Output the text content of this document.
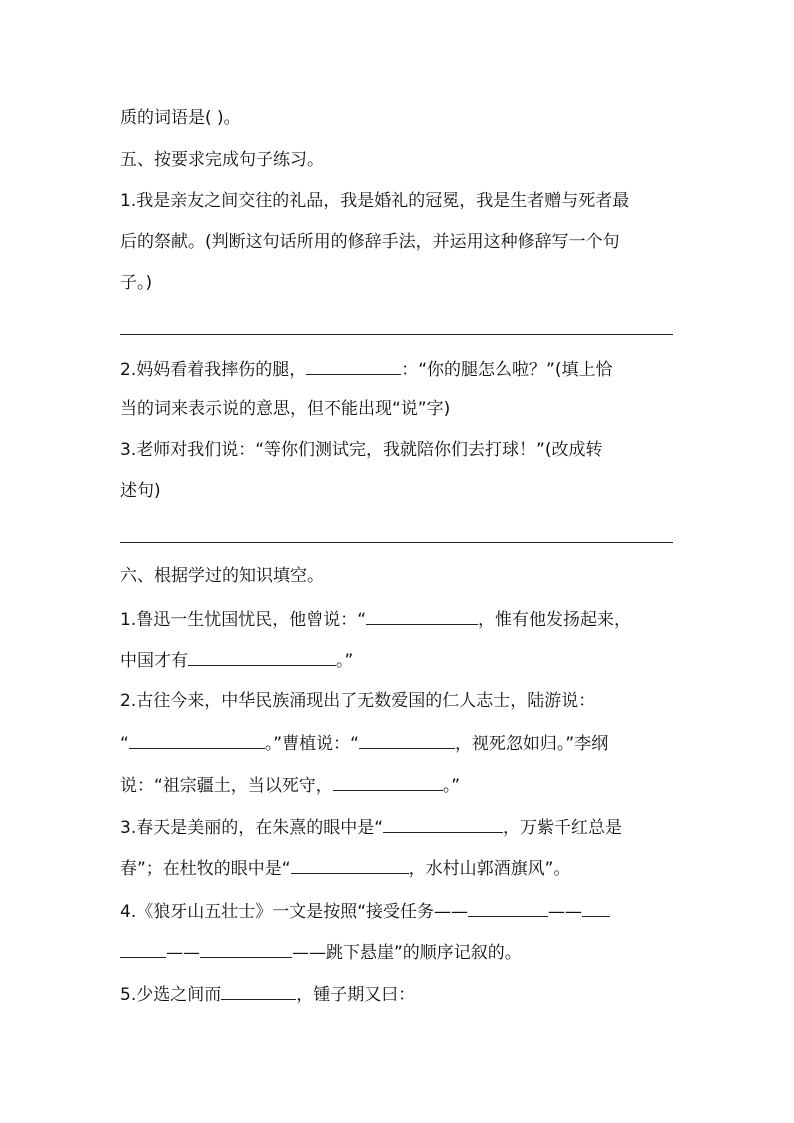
质的词语是( )。
五、按要求完成句子练习。
1.我是亲友之间交往的礼品，我是婚礼的冠冕，我是生者赠与死者最
后的祭献。(判断这句话所用的修辞手法，并运用这种修辞写一个句
子。)
2.妈妈看着我摔伤的腿，	：“你的腿怎么啦？”(填上恰
当的词来表示说的意思，但不能出现“说”字)
3.老师对我们说：“等你们测试完，我就陪你们去打球！”(改成转
述句)
六、根据学过的知识填空。
1.鲁迅一生忧国忧民，他曾说：“	，惟有他发扬起来，
中国才有	。”
2.古往今来，中华民族涌现出了无数爱国的仁人志士，陆游说：
“	。”曹植说：“	，视死忽如归。”李纲
说：“祖宗疆土，当以死守，	。”
3.春天是美丽的，在朱熹的眼中是“	，万紫千红总是
春”；在杜牧的眼中是“	，水村山郭酒旗风”。
4.《狼牙山五壮士》一文是按照“接受任务——	——
——	——跳下悬崖”的顺序记叙的。
5.少选之间而	，锺子期又曰：
